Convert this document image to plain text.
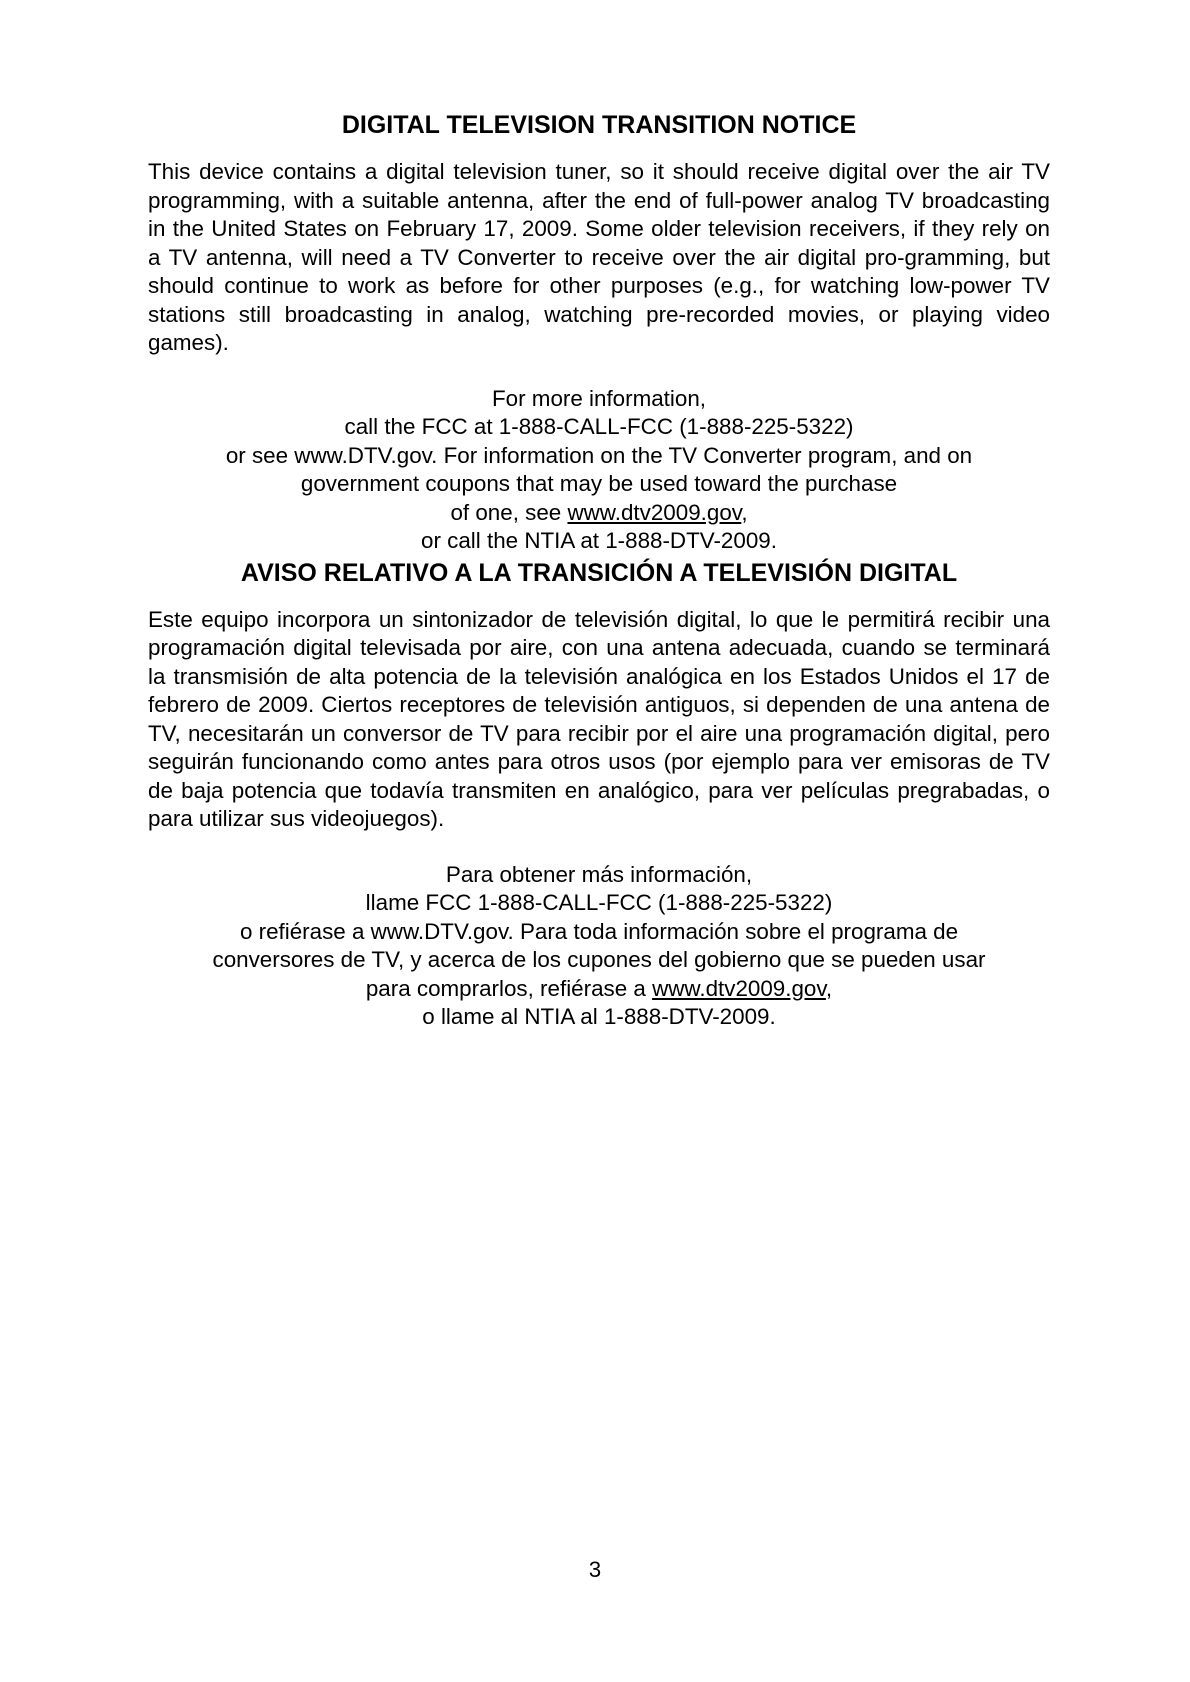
DIGITAL TELEVISION TRANSITION NOTICE

This device contains a digital television tuner, so it should receive digital over the air TV programming, with a suitable antenna, after the end of full-power analog TV broadcasting in the United States on February 17, 2009. Some older television receivers, if they rely on a TV antenna, will need a TV Converter to receive over the air digital pro-gramming, but should continue to work as before for other purposes (e.g., for watching low-power TV stations still broadcasting in analog, watching pre-recorded movies, or playing video games).

For more information,
call the FCC at 1-888-CALL-FCC (1-888-225-5322)
or see www.DTV.gov. For information on the TV Converter program, and on
government coupons that may be used toward the purchase
of one, see www.dtv2009.gov,
or call the NTIA at 1-888-DTV-2009.
AVISO RELATIVO A LA TRANSICIÓN A TELEVISIÓN DIGITAL

Este equipo incorpora un sintonizador de televisión digital, lo que le permitirá recibir una programación digital televisada por aire, con una antena adecuada, cuando se terminará la transmisión de alta potencia de la televisión analógica en los Estados Unidos el 17 de febrero de 2009. Ciertos receptores de televisión antiguos, si dependen de una antena de TV, necesitarán un conversor de TV para recibir por el aire una programación digital, pero seguirán funcionando como antes para otros usos (por ejemplo para ver emisoras de TV de baja potencia que todavía transmiten en analógico, para ver películas pregrabadas, o para utilizar sus videojuegos).

Para obtener más información,
llame FCC 1-888-CALL-FCC (1-888-225-5322)
o refiérase a www.DTV.gov. Para toda información sobre el programa de
conversores de TV, y acerca de los cupones del gobierno que se pueden usar
para comprarlos, refiérase a www.dtv2009.gov,
o llame al NTIA al 1-888-DTV-2009.
3
